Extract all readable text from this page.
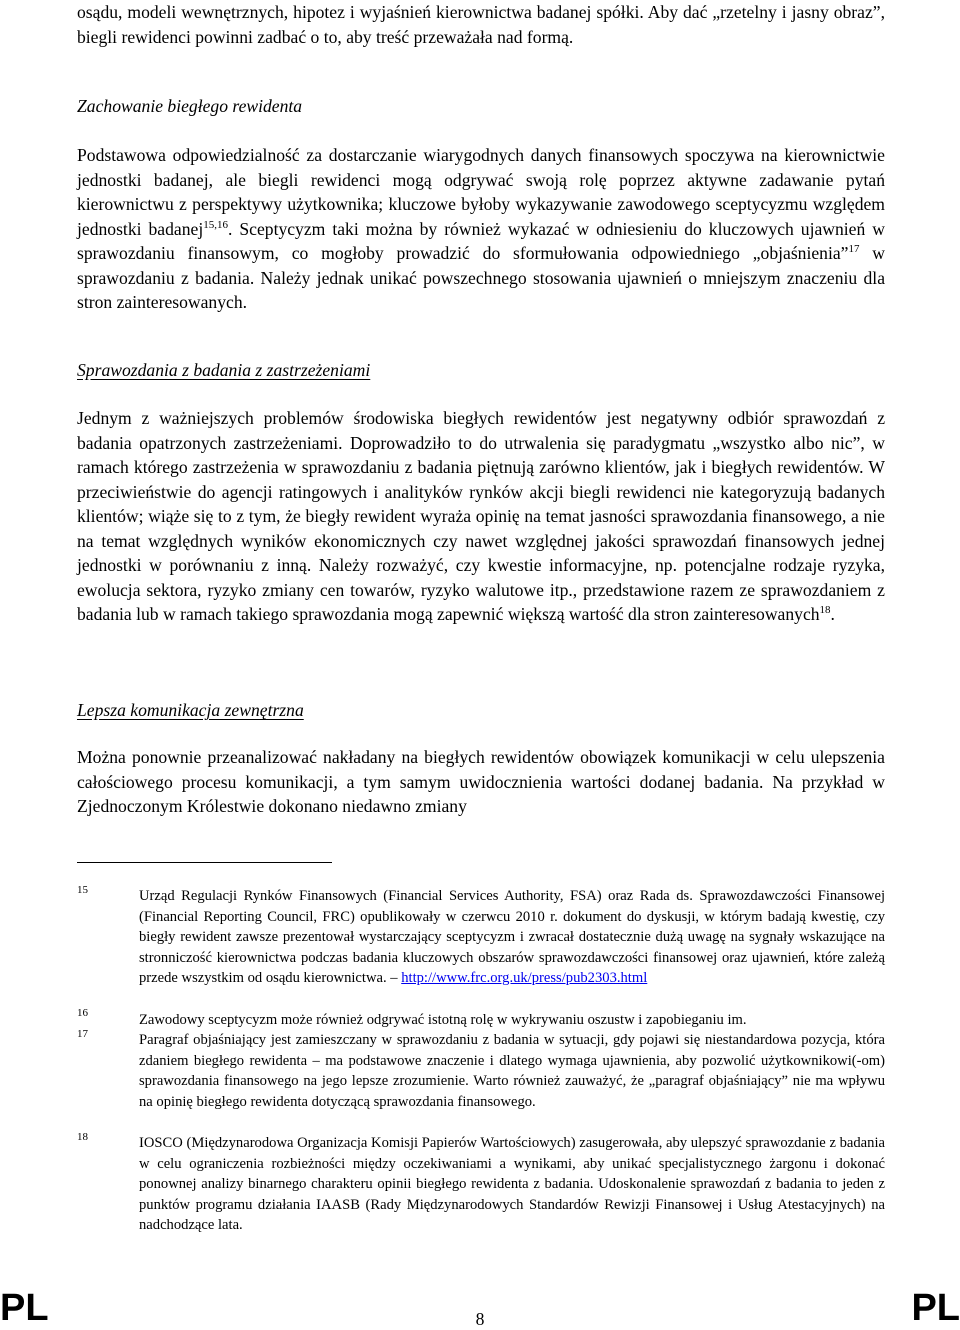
osądu, modeli wewnętrznych, hipotez i wyjaśnień kierownictwa badanej spółki. Aby dać „rzetelny i jasny obraz”, biegli rewidenci powinni zadbać o to, aby treść przeważała nad formą.

Zachowanie biegłego rewidenta

Podstawowa odpowiedzialność za dostarczanie wiarygodnych danych finansowych spoczywa na kierownictwie jednostki badanej, ale biegli rewidenci mogą odgrywać swoją rolę poprzez aktywne zadawanie pytań kierownictwu z perspektywy użytkownika; kluczowe byłoby wykazywanie zawodowego sceptycyzmu względem jednostki badanej$^{15,16}$. Sceptycyzm taki można by również wykazać w odniesieniu do kluczowych ujawnień w sprawozdaniu finansowym, co mogłoby prowadzić do sformułowania odpowiedniego „objaśnienia”$^{17}$ w sprawozdaniu z badania. Należy jednak unikać powszechnego stosowania ujawnień o mniejszym znaczeniu dla stron zainteresowanych.

Sprawozdania z badania z zastrzeżeniami

Jednym z ważniejszych problemów środowiska biegłych rewidentów jest negatywny odbiór sprawozdań z badania opatrzonych zastrzeżeniami. Doprowadziło to do utrwalenia się paradygmatu „wszystko albo nic”, w ramach którego zastrzeżenia w sprawozdaniu z badania piętnują zarówno klientów, jak i biegłych rewidentów. W przeciwieństwie do agencji ratingowych i analityków rynków akcji biegli rewidenci nie kategoryzują badanych klientów; wiąże się to z tym, że biegły rewident wyraża opinię na temat jasności sprawozdania finansowego, a nie na temat względnych wyników ekonomicznych czy nawet względnej jakości sprawozdań finansowych jednej jednostki w porównaniu z inną. Należy rozważyć, czy kwestie informacyjne, np. potencjalne rodzaje ryzyka, ewolucja sektora, ryzyko zmiany cen towarów, ryzyko walutowe itp., przedstawione razem ze sprawozdaniem z badania lub w ramach takiego sprawozdania mogą zapewnić większą wartość dla stron zainteresowanych$^{18}$.

Lepsza komunikacja zewnętrzna

Można ponownie przeanalizować nakładany na biegłych rewidentów obowiązek komunikacji w celu ulepszenia całościowego procesu komunikacji, a tym samym uwidocznienia wartości dodanej badania. Na przykład w Zjednoczonym Królestwie dokonano niedawno zmiany

15	Urząd Regulacji Rynków Finansowych (Financial Services Authority, FSA) oraz Rada ds. Sprawozdawczości Finansowej (Financial Reporting Council, FRC) opublikowały w czerwcu 2010 r. dokument do dyskusji, w którym badają kwestię, czy biegły rewident zawsze prezentował wystarczający sceptycyzm i zwracał dostatecznie dużą uwagę na sygnały wskazujące na stronniczość kierownictwa podczas badania kluczowych obszarów sprawozdawczości finansowej oraz ujawnień, które zależą przede wszystkim od osądu kierownictwa. – http://www.frc.org.uk/press/pub2303.html

16	Zawodowy sceptycyzm może również odgrywać istotną rolę w wykrywaniu oszustw i zapobieganiu im.

17	Paragraf objaśniający jest zamieszczany w sprawozdaniu z badania w sytuacji, gdy pojawi się niestandardowa pozycja, która zdaniem biegłego rewidenta – ma podstawowe znaczenie i dlatego wymaga ujawnienia, aby pozwolić użytkownikowi(-om) sprawozdania finansowego na jego lepsze zrozumienie. Warto również zauważyć, że „paragraf objaśniający” nie ma wpływu na opinię biegłego rewidenta dotyczącą sprawozdania finansowego.

18	IOSCO (Międzynarodowa Organizacja Komisji Papierów Wartościowych) zasugerowała, aby ulepszyć sprawozdanie z badania w celu ograniczenia rozbieżności między oczekiwaniami a wynikami, aby unikać specjalistycznego żargonu i dokonać ponownej analizy binarnego charakteru opinii biegłego rewidenta z badania. Udoskonalenie sprawozdań z badania to jeden z punktów programu działania IAASB (Rady Międzynarodowych Standardów Rewizji Finansowej i Usług Atestacyjnych) na nadchodzące lata.

PL	8	PL
